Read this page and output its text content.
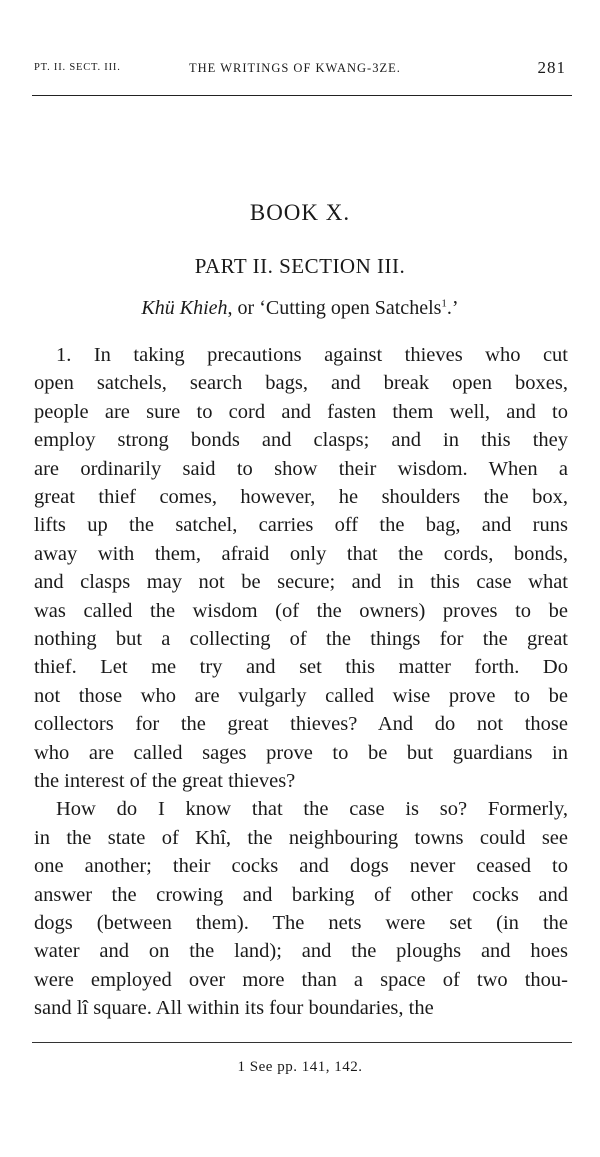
PT. II. SECT. III.	THE WRITINGS OF KWANG-3ZE.	281
BOOK X.
PART II. SECTION III.
Khü Khieh, or ‘Cutting open Satchels$^1$.’
1. In taking precautions against thieves who cut
open satchels, search bags, and break open boxes,
people are sure to cord and fasten them well, and to
employ strong bonds and clasps; and in this they
are ordinarily said to show their wisdom. When a
great thief comes, however, he shoulders the box,
lifts up the satchel, carries off the bag, and runs
away with them, afraid only that the cords, bonds,
and clasps may not be secure; and in this case what
was called the wisdom (of the owners) proves to be
nothing but a collecting of the things for the great
thief. Let me try and set this matter forth. Do
not those who are vulgarly called wise prove to be
collectors for the great thieves? And do not those
who are called sages prove to be but guardians in
the interest of the great thieves?
How do I know that the case is so? Formerly,
in the state of Khî, the neighbouring towns could see
one another; their cocks and dogs never ceased to
answer the crowing and barking of other cocks and
dogs (between them). The nets were set (in the
water and on the land); and the ploughs and hoes
were employed over more than a space of two thou-
sand lî square. All within its four boundaries, the
1 See pp. 141, 142.
